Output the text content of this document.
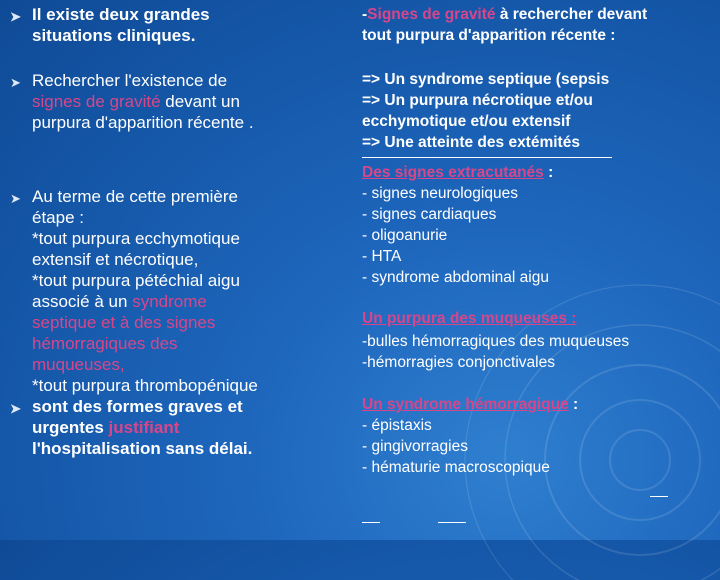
➤ Il existe deux grandes
situations cliniques.
➤ Rechercher l'existence de
signes de gravité devant un
purpura d'apparition récente .
➤ Au terme de cette première
étape :
*tout purpura ecchymotique
extensif et nécrotique,
*tout purpura pétéchial aigu
associé à un syndrome
septique et à des signes
hémorragiques des
muqueuses,
*tout purpura thrombopénique
➤ sont des formes graves et
urgentes justifiant
l'hospitalisation sans délai.
-Signes de gravité à rechercher devant
tout purpura d'apparition récente :
=> Un syndrome septique (sepsis
=> Un purpura nécrotique et/ou
ecchymotique et/ou extensif
=> Une atteinte des extémités
Des signes extracutanés :
- signes neurologiques
- signes cardiaques
- oligoanurie
- HTA
- syndrome abdominal aigu
Un purpura des muqueuses :
-bulles hémorragiques des muqueuses
-hémorragies conjonctivales
Un syndrome hémorragique :
- épistaxis
- gingivorragies
- hématurie macroscopique
